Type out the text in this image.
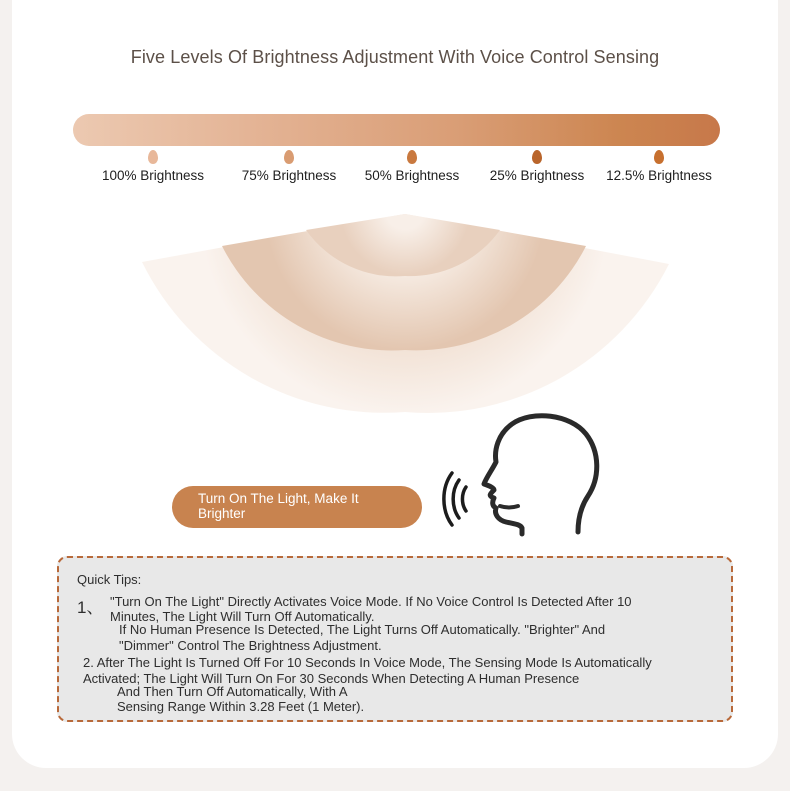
Five Levels Of Brightness Adjustment With Voice Control Sensing
100% Brightness	75% Brightness	50% Brightness	25% Brightness	12.5% Brightness
Turn On The Light, Make It
Brighter
Quick Tips:
1、 "Turn On The Light" Directly Activates Voice Mode. If No Voice Control Is Detected After 10
Minutes, The Light Will Turn Off Automatically.
If No Human Presence Is Detected, The Light Turns Off Automatically. "Brighter" And
"Dimmer" Control The Brightness Adjustment.
2. After The Light Is Turned Off For 10 Seconds In Voice Mode, The Sensing Mode Is Automatically
Activated; The Light Will Turn On For 30 Seconds When Detecting A Human Presence
And Then Turn Off Automatically, With A
Sensing Range Within 3.28 Feet (1 Meter).
